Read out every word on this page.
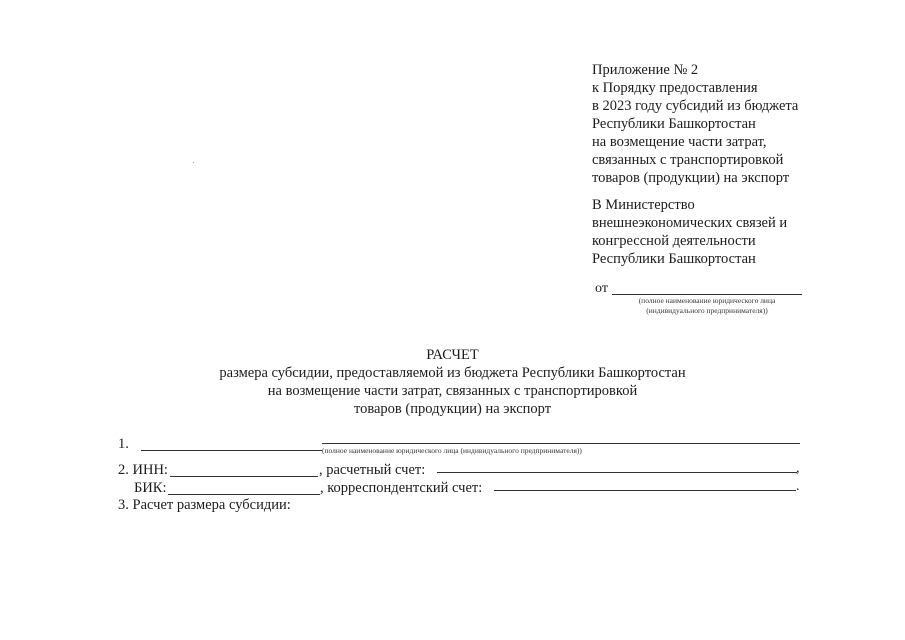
Приложение № 2
к Порядку предоставления
в 2023 году субсидий из бюджета
Республики Башкортостан
на возмещение части затрат,
связанных с транспортировкой
товаров (продукции) на экспорт
В Министерство
внешнеэкономических связей и
конгрессной деятельности
Республики Башкортостан
от
(полное наименование юридического лица
(индивидуального предпринимателя))
РАСЧЕТ
размера субсидии, предоставляемой из бюджета Республики Башкортостан
на возмещение части затрат, связанных с транспортировкой
товаров (продукции) на экспорт
1.	(полное наименование юридического лица (индивидуального предпринимателя))
2. ИНН:	, расчетный счет:	,
БИК:	, корреспондентский счет:	.
3. Расчет размера субсидии:
